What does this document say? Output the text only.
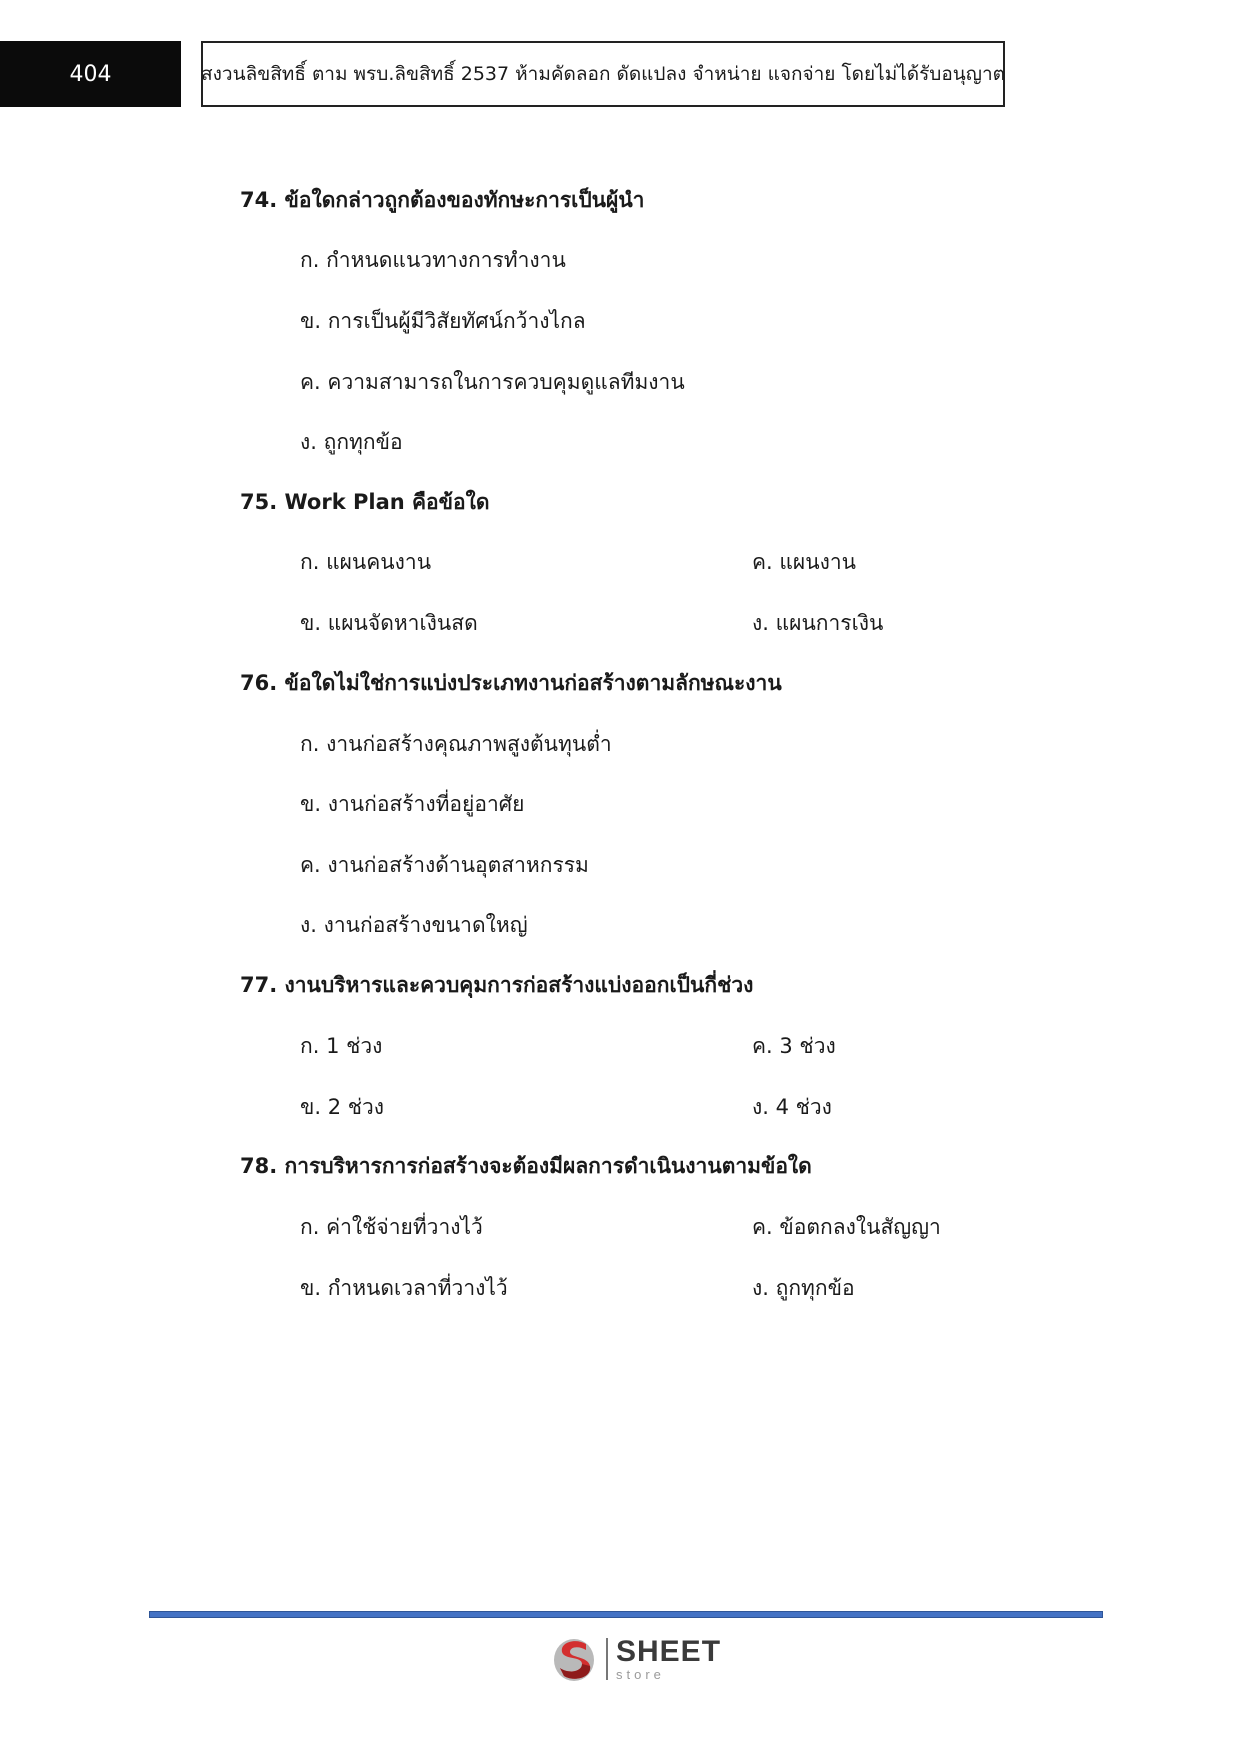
404	สงวนลิขสิทธิ์ ตาม พรบ.ลิขสิทธิ์ 2537 ห้ามคัดลอก ดัดแปลง จำหน่าย แจกจ่าย โดยไม่ได้รับอนุญาต
74. ข้อใดกล่าวถูกต้องของทักษะการเป็นผู้นำ
ก. กำหนดแนวทางการทำงาน
ข. การเป็นผู้มีวิสัยทัศน์กว้างไกล
ค. ความสามารถในการควบคุมดูแลทีมงาน
ง. ถูกทุกข้อ
75. Work Plan คือข้อใด
ก. แผนคนงาน	ค. แผนงาน
ข. แผนจัดหาเงินสด	ง. แผนการเงิน
76. ข้อใดไม่ใช่การแบ่งประเภทงานก่อสร้างตามลักษณะงาน
ก. งานก่อสร้างคุณภาพสูงต้นทุนต่ำ
ข. งานก่อสร้างที่อยู่อาศัย
ค. งานก่อสร้างด้านอุตสาหกรรม
ง. งานก่อสร้างขนาดใหญ่
77. งานบริหารและควบคุมการก่อสร้างแบ่งออกเป็นกี่ช่วง
ก. 1 ช่วง	ค. 3 ช่วง
ข. 2 ช่วง	ง. 4 ช่วง
78. การบริหารการก่อสร้างจะต้องมีผลการดำเนินงานตามข้อใด
ก. ค่าใช้จ่ายที่วางไว้	ค. ข้อตกลงในสัญญา
ข. กำหนดเวลาที่วางไว้	ง. ถูกทุกข้อ
SHEET
store
